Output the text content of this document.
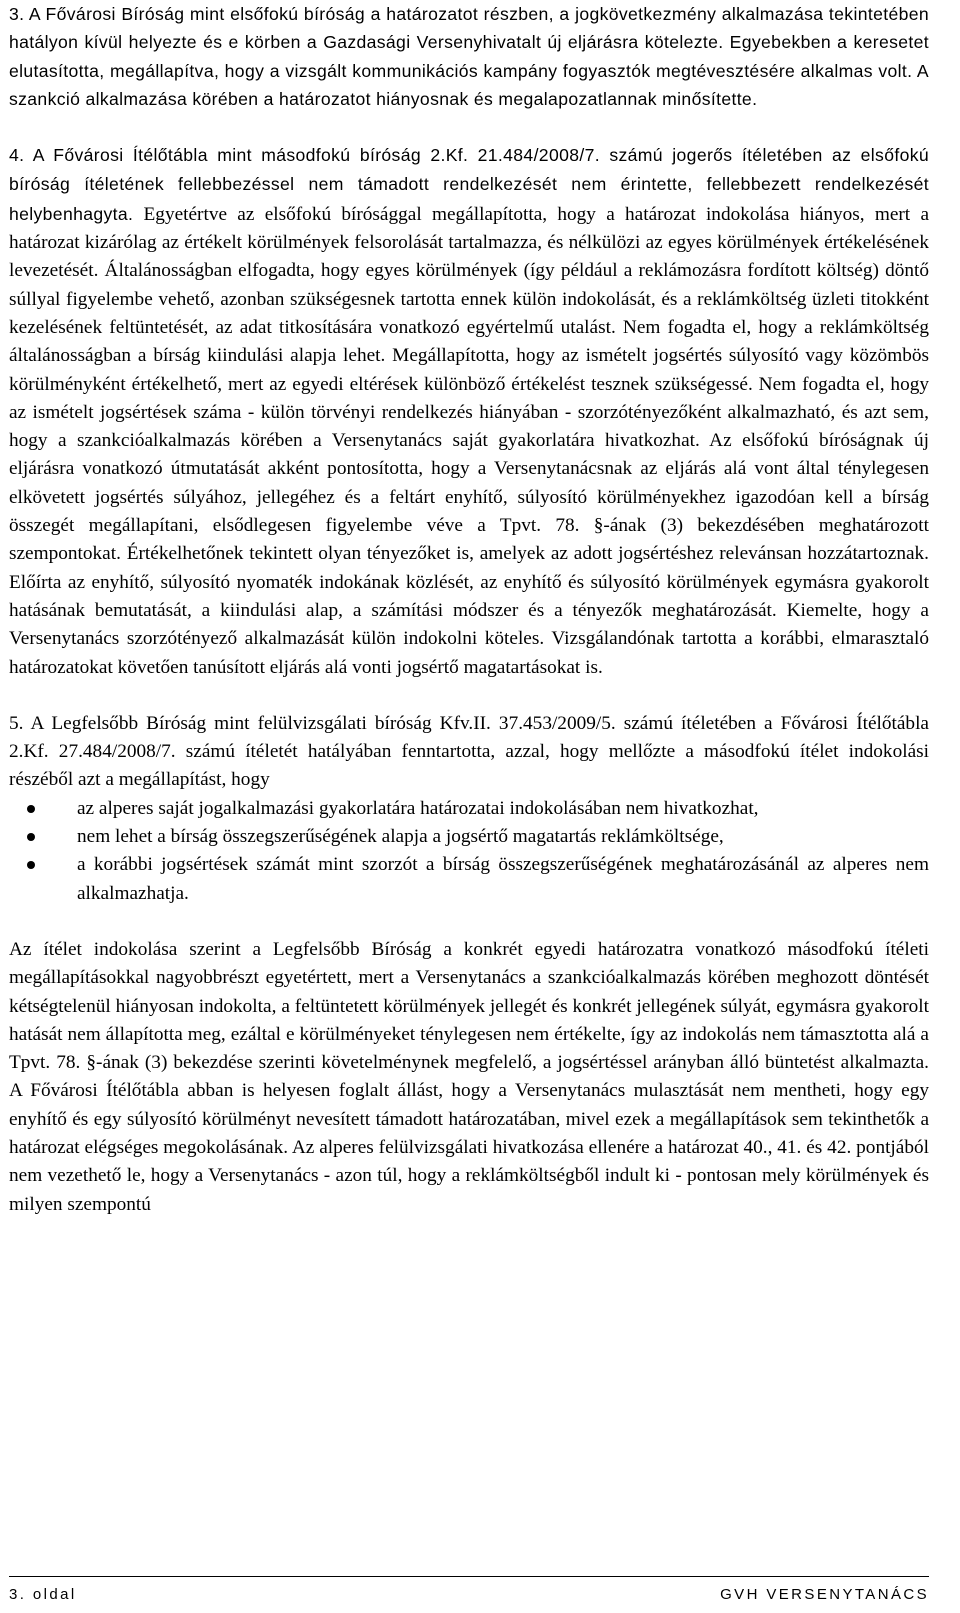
3. A Fővárosi Bíróság mint elsőfokú bíróság a határozatot részben, a jogkövetkezmény alkalmazása tekintetében hatályon kívül helyezte és e körben a Gazdasági Versenyhivatalt új eljárásra kötelezte. Egyebekben a keresetet elutasította, megállapítva, hogy a vizsgált kommunikációs kampány fogyasztók megtévesztésére alkalmas volt. A szankció alkalmazása körében a határozatot hiányosnak és megalapozatlannak minősítette.

4. A Fővárosi Ítélőtábla mint másodfokú bíróság 2.Kf. 21.484/2008/7. számú jogerős ítéletében az elsőfokú bíróság ítéletének fellebbezéssel nem támadott rendelkezését nem érintette, fellebbezett rendelkezését helybenhagyta. Egyetértve az elsőfokú bírósággal megállapította, hogy a határozat indokolása hiányos, mert a határozat kizárólag az értékelt körülmények felsorolását tartalmazza, és nélkülözi az egyes körülmények értékelésének levezetését. Általánosságban elfogadta, hogy egyes körülmények (így például a reklámozásra fordított költség) döntő súllyal figyelembe vehető, azonban szükségesnek tartotta ennek külön indokolását, és a reklámköltség üzleti titokként kezelésének feltüntetését, az adat titkosítására vonatkozó egyértelmű utalást. Nem fogadta el, hogy a reklámköltség általánosságban a bírság kiindulási alapja lehet. Megállapította, hogy az ismételt jogsértés súlyosító vagy közömbös körülményként értékelhető, mert az egyedi eltérések különböző értékelést tesznek szükségessé. Nem fogadta el, hogy az ismételt jogsértések száma - külön törvényi rendelkezés hiányában - szorzótényezőként alkalmazható, és azt sem, hogy a szankcióalkalmazás körében a Versenytanács saját gyakorlatára hivatkozhat. Az elsőfokú bíróságnak új eljárásra vonatkozó útmutatását akként pontosította, hogy a Versenytanácsnak az eljárás alá vont által ténylegesen elkövetett jogsértés súlyához, jellegéhez és a feltárt enyhítő, súlyosító körülményekhez igazodóan kell a bírság összegét megállapítani, elsődlegesen figyelembe véve a Tpvt. 78. §-ának (3) bekezdésében meghatározott szempontokat. Értékelhetőnek tekintett olyan tényezőket is, amelyek az adott jogsértéshez relevánsan hozzátartoznak. Előírta az enyhítő, súlyosító nyomaték indokának közlését, az enyhítő és súlyosító körülmények egymásra gyakorolt hatásának bemutatását, a kiindulási alap, a számítási módszer és a tényezők meghatározását. Kiemelte, hogy a Versenytanács szorzótényező alkalmazását külön indokolni köteles. Vizsgálandónak tartotta a korábbi, elmarasztaló határozatokat követően tanúsított eljárás alá vonti jogsértő magatartásokat is.

5. A Legfelsőbb Bíróság mint felülvizsgálati bíróság Kfv.II. 37.453/2009/5. számú ítéletében a Fővárosi Ítélőtábla 2.Kf. 27.484/2008/7. számú ítéletét hatályában fenntartotta, azzal, hogy mellőzte a másodfokú ítélet indokolási részéből azt a megállapítást, hogy

az alperes saját jogalkalmazási gyakorlatára határozatai indokolásában nem hivatkozhat,
nem lehet a bírság összegszerűségének alapja a jogsértő magatartás reklámköltsége,
a korábbi jogsértések számát mint szorzót a bírság összegszerűségének meghatározásánál az alperes nem alkalmazhatja.

Az ítélet indokolása szerint a Legfelsőbb Bíróság a konkrét egyedi határozatra vonatkozó másodfokú ítéleti megállapításokkal nagyobbrészt egyetértett, mert a Versenytanács a szankcióalkalmazás körében meghozott döntését kétségtelenül hiányosan indokolta, a feltüntetett körülmények jellegét és konkrét jellegének súlyát, egymásra gyakorolt hatását nem állapította meg, ezáltal e körülményeket ténylegesen nem értékelte, így az indokolás nem támasztotta alá a Tpvt. 78. §-ának (3) bekezdése szerinti követelménynek megfelelő, a jogsértéssel arányban álló büntetést alkalmazta. A Fővárosi Ítélőtábla abban is helyesen foglalt állást, hogy a Versenytanács mulasztását nem mentheti, hogy egy enyhítő és egy súlyosító körülményt nevesített támadott határozatában, mivel ezek a megállapítások sem tekinthetők a határozat elégséges megokolásának. Az alperes felülvizsgálati hivatkozása ellenére a határozat 40., 41. és 42. pontjából nem vezethető le, hogy a Versenytanács - azon túl, hogy a reklámköltségből indult ki - pontosan mely körülmények és milyen szempontú

3. oldal	GVH VERSENYTANÁCS
